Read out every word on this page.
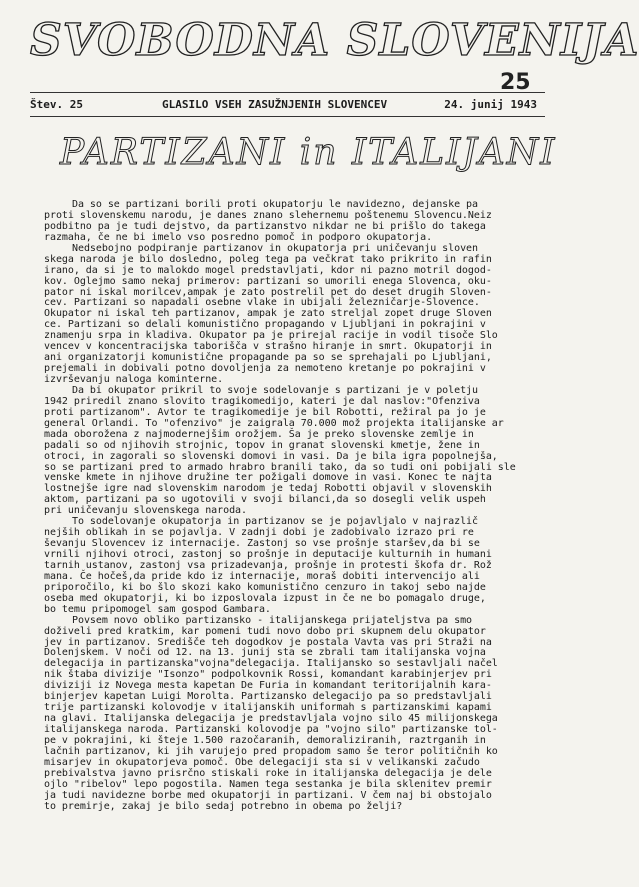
SVOBODNA SLOVENIJA
25
Štev. 25	GLASILO VSEH ZASUŽNJENIH SLOVENCEV	24. junij 1943
PARTIZANI in ITALIJANI
Da so se partizani borili proti okupatorju le navidezno, dejanske pa
proti slovenskemu narodu, je danes znano slehernemu poštenemu Slovencu.Neiz
podbitno pa je tudi dejstvo, da partizanstvo nikdar ne bi prišlo do takega
razmaha, če ne bi imelo vso posredno pomoč in podporo okupatorja.
Nedsebojno podpiranje partizanov in okupatorja pri uničevanju sloven
skega naroda je bilo dosledno, poleg tega pa večkrat tako prikrito in rafin
irano, da si je to malokdo mogel predstavljati, kdor ni pazno motril dogod-
kov. Oglejmo samo nekaj primerov: partizani so umorili enega Slovenca, oku-
pator ni iskal morilcev,ampak je zato postrelil pet do deset drugih Sloven-
cev. Partizani so napadali osebne vlake in ubijali železničarje-Slovence.
Okupator ni iskal teh partizanov, ampak je zato streljal zopet druge Sloven
ce. Partizani so delali komunistično propagando v Ljubljani in pokrajini v
znamenju srpa in kladiva. Okupator pa je prirejal racije in vodil tisoče Slo
vencev v koncentracijska taborišča v strašno hiranje in smrt. Okupatorji in
ani organizatorji komunistične propagande pa so se sprehajali po Ljubljani,
prejemali in dobivali potno dovoljenja za nemoteno kretanje po pokrajini v
izvrševanju naloga kominterne.
Da bi okupator prikril to svoje sodelovanje s partizani je v poletju
1942 priredil znano slovito tragikomedijo, kateri je dal naslov:"Ofenziva
proti partizanom". Avtor te tragikomedije je bil Robotti, režiral pa jo je
general Orlandi. To "ofenzivo" je zaigrala 70.000 mož projekta italijanske ar
mada oborožena z najmodernejšim orožjem. Ša je preko slovenske zemlje in
padali so od njihovih strojnic, topov in granat slovenski kmetje, žene in
otroci, in zagorali so slovenski domovi in vasi. Da je bila igra popolnejša,
so se partizani pred to armado hrabro branili tako, da so tudi oni pobijali sle
venske kmete in njihove družine ter požigali domove in vasi. Konec te najta
lostnejše igre nad slovenskim narodom je tedaj Robotti objavil v slovenskih
aktom, partizani pa so ugotovili v svoji bilanci,da so dosegli velik uspeh
pri uničevanju slovenskega naroda.
To sodelovanje okupatorja in partizanov se je pojavljalo v najrazlič
nejših oblikah in se pojavlja. V zadnji dobi je zadobivalo izrazo pri re
ševanju Slovencev iz internacije. Zastonj so vse prošnje staršev,da bi se
vrnili njihovi otroci, zastonj so prošnje in deputacije kulturnih in humani
tarnih ustanov, zastonj vsa prizadevanja, prošnje in protesti škofa dr. Rož
mana. Če hočeš,da pride kdo iz internacije, moraš dobiti intervencijo ali
priporočilo, ki bo šlo skozi kako komunistično cenzuro in takoj sebo najde
oseba med okupatorji, ki bo izposlovala izpust in če ne bo pomagalo druge,
bo temu pripomogel sam gospod Gambara.
Povsem novo obliko partizansko - italijanskega prijateljstva pa smo
doživeli pred kratkim, kar pomeni tudi novo dobo pri skupnem delu okupator
jev in partizanov. Središče teh dogodkov je postala Vavta vas pri Straži na
Dolenjskem. V noči od 12. na 13. junij sta se zbrali tam italijanska vojna
delegacija in partizanska"vojna"delegacija. Italijansko so sestavljali načel
nik štaba divizije "Isonzo" podpolkovnik Rossi, komandant karabinjerjev pri
diviziji iz Novega mesta kapetan De Furia in komandant teritorijalnih kara-
binjerjev kapetan Luigi Morolta. Partizansko delegacijo pa so predstavljali
trije partizanski kolovodje v italijanskih uniformah s partizanskimi kapami
na glavi. Italijanska delegacija je predstavljala vojno silo 45 milijonskega
italijanskega naroda. Partizanski kolovodje pa "vojno silo" partizanske tol-
pe v pokrajini, ki šteje 1.500 razočaranih, demoraliziranih, raztrganih in
lačnih partizanov, ki jih varujejo pred propadom samo še teror političnih ko
misarjev in okupatorjeva pomoč. Obe delegaciji sta si v velikanski začudo
prebivalstva javno prisrčno stiskali roke in italijanska delegacija je dele
ojlo "ribelov" lepo pogostila. Namen tega sestanka je bila sklenitev premir
ja tudi navidezne borbe med okupatorji in partizani. V čem naj bi obstojalo
to premirje, zakaj je bilo sedaj potrebno in obema po želji?
